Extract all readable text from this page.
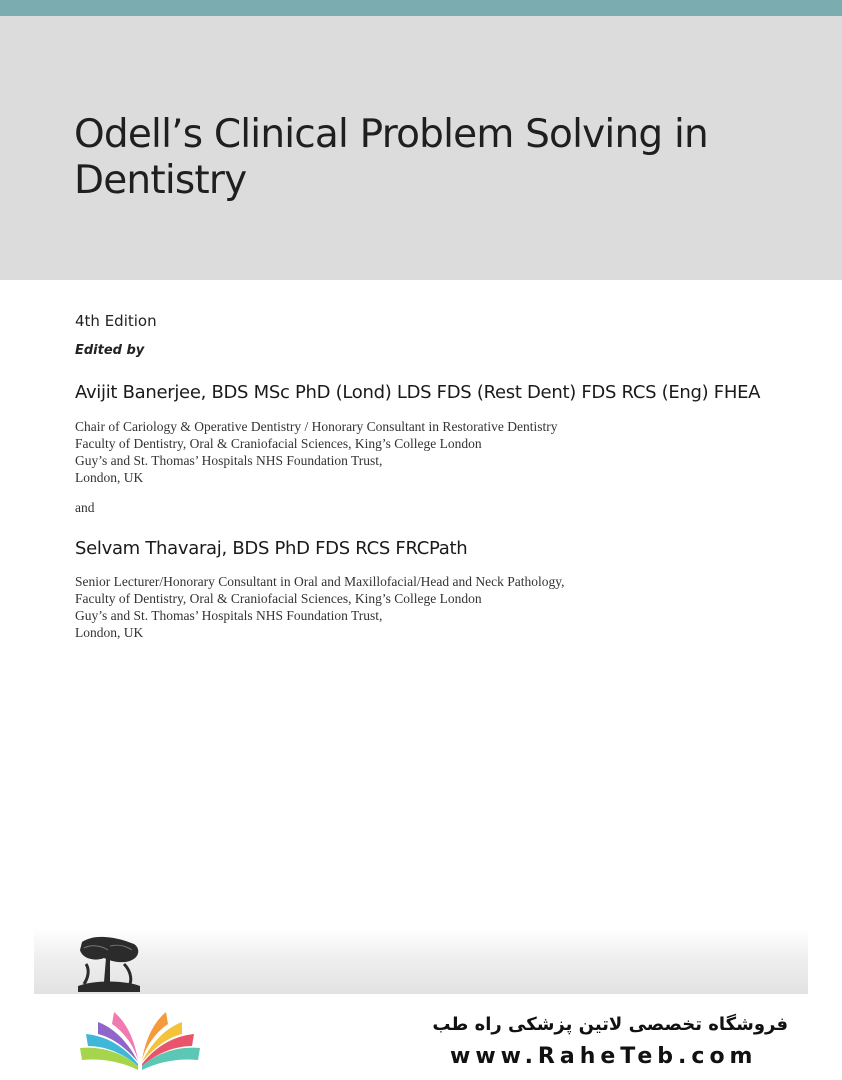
Odell’s Clinical Problem Solving in Dentistry
4th Edition
Edited by
Avijit Banerjee, BDS MSc PhD (Lond) LDS FDS (Rest Dent) FDS RCS (Eng) FHEA
Chair of Cariology & Operative Dentistry / Honorary Consultant in Restorative Dentistry
Faculty of Dentistry, Oral & Craniofacial Sciences, King’s College London
Guy’s and St. Thomas’ Hospitals NHS Foundation Trust,
London, UK
and
Selvam Thavaraj, BDS PhD FDS RCS FRCPath
Senior Lecturer/Honorary Consultant in Oral and Maxillofacial/Head and Neck Pathology,
Faculty of Dentistry, Oral & Craniofacial Sciences, King’s College London
Guy’s and St. Thomas’ Hospitals NHS Foundation Trust,
London, UK
فروشگاه تخصصی لاتین پزشکی راه طب
www.RaheTeb.com
